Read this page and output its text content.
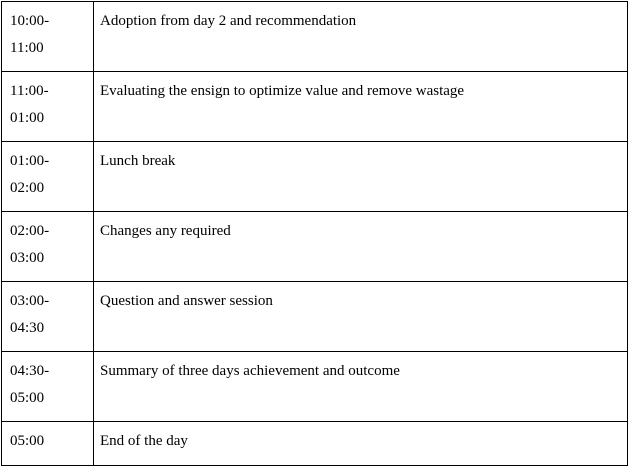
10:00-
11:00	Adoption from day 2 and recommendation

11:00-
01:00	Evaluating the ensign to optimize value and remove wastage

01:00-
02:00	Lunch break

02:00-
03:00	Changes any required

03:00-
04:30	Question and answer session

04:30-
05:00	Summary of three days achievement and outcome

05:00	End of the day
